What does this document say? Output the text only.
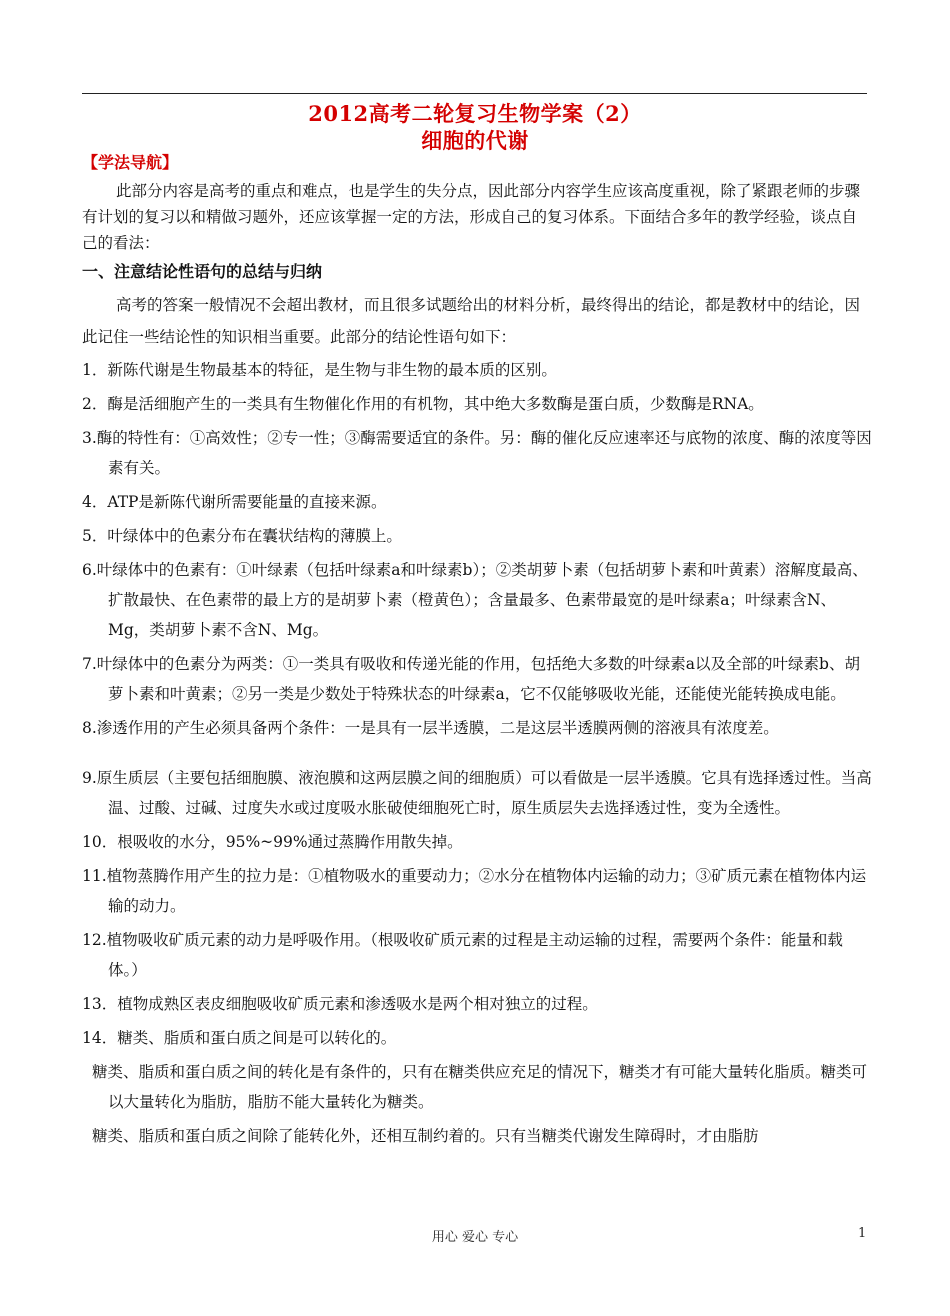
2012高考二轮复习生物学案（2）
细胞的代谢
【学法导航】

此部分内容是高考的重点和难点，也是学生的失分点，因此部分内容学生应该高度重视，除了紧跟老师的步骤有计划的复习以和精做习题外，还应该掌握一定的方法，形成自己的复习体系。下面结合多年的教学经验，谈点自己的看法：

一、注意结论性语句的总结与归纳

高考的答案一般情况不会超出教材，而且很多试题给出的材料分析，最终得出的结论，都是教材中的结论，因此记住一些结论性的知识相当重要。此部分的结论性语句如下：

1．新陈代谢是生物最基本的特征，是生物与非生物的最本质的区别。

2．酶是活细胞产生的一类具有生物催化作用的有机物，其中绝大多数酶是蛋白质，少数酶是RNA。

3.酶的特性有：①高效性；②专一性；③酶需要适宜的条件。另：酶的催化反应速率还与底物的浓度、酶的浓度等因素有关。

4．ATP是新陈代谢所需要能量的直接来源。

5．叶绿体中的色素分布在囊状结构的薄膜上。

6.叶绿体中的色素有：①叶绿素（包括叶绿素a和叶绿素b）；②类胡萝卜素（包括胡萝卜素和叶黄素）溶解度最高、扩散最快、在色素带的最上方的是胡萝卜素（橙黄色）；含量最多、色素带最宽的是叶绿素a；叶绿素含N、Mg，类胡萝卜素不含N、Mg。

7.叶绿体中的色素分为两类：①一类具有吸收和传递光能的作用，包括绝大多数的叶绿素a以及全部的叶绿素b、胡萝卜素和叶黄素；②另一类是少数处于特殊状态的叶绿素a，它不仅能够吸收光能，还能使光能转换成电能。

8.渗透作用的产生必须具备两个条件：一是具有一层半透膜，二是这层半透膜两侧的溶液具有浓度差。

9.原生质层（主要包括细胞膜、液泡膜和这两层膜之间的细胞质）可以看做是一层半透膜。它具有选择透过性。当高温、过酸、过碱、过度失水或过度吸水胀破使细胞死亡时，原生质层失去选择透过性，变为全透性。

10．根吸收的水分，95%~99%通过蒸腾作用散失掉。

11.植物蒸腾作用产生的拉力是：①植物吸水的重要动力；②水分在植物体内运输的动力；③矿质元素在植物体内运输的动力。

12.植物吸收矿质元素的动力是呼吸作用。（根吸收矿质元素的过程是主动运输的过程，需要两个条件：能量和载体。）

13．植物成熟区表皮细胞吸收矿质元素和渗透吸水是两个相对独立的过程。

14．糖类、脂质和蛋白质之间是可以转化的。

糖类、脂质和蛋白质之间的转化是有条件的，只有在糖类供应充足的情况下，糖类才有可能大量转化脂质。糖类可以大量转化为脂肪，脂肪不能大量转化为糖类。

糖类、脂质和蛋白质之间除了能转化外，还相互制约着的。只有当糖类代谢发生障碍时，才由脂肪

用心 爱心 专心	1
